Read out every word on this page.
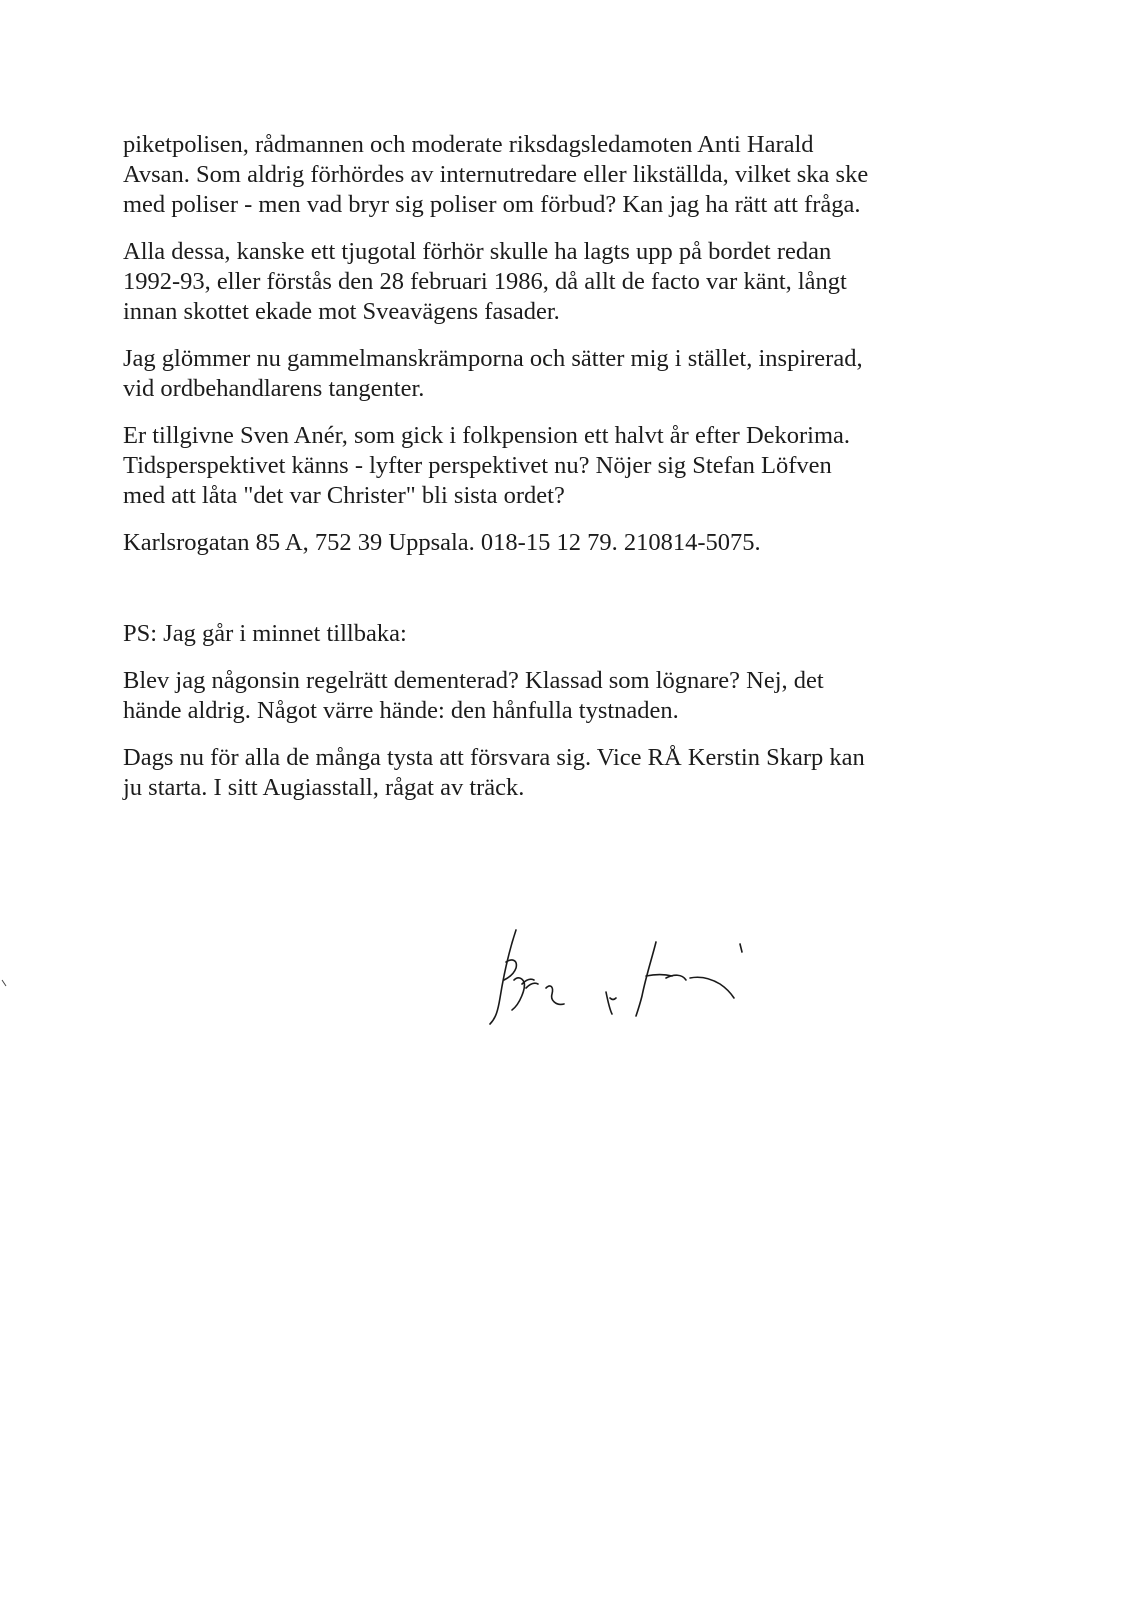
piketpolisen, rådmannen och moderate riksdagsledamoten Anti Harald
Avsan. Som aldrig förhördes av internutredare eller likställda, vilket ska ske
med poliser - men vad bryr sig poliser om förbud? Kan jag ha rätt att fråga.

Alla dessa, kanske ett tjugotal förhör skulle ha lagts upp på bordet redan
1992-93, eller förstås den 28 februari 1986, då allt de facto var känt, långt
innan skottet ekade mot Sveavägens fasader.

Jag glömmer nu gammelmanskrämporna och sätter mig i stället, inspirerad,
vid ordbehandlarens tangenter.

Er tillgivne Sven Anér, som gick i folkpension ett halvt år efter Dekorima.
Tidsperspektivet känns - lyfter perspektivet nu? Nöjer sig Stefan Löfven
med att låta "det var Christer" bli sista ordet?

Karlsrogatan 85 A, 752 39 Uppsala. 018-15 12 79. 210814-5075.

PS: Jag går i minnet tillbaka:

Blev jag någonsin regelrätt dementerad? Klassad som lögnare? Nej, det
hände aldrig. Något värre hände: den hånfulla tystnaden.

Dags nu för alla de många tysta att försvara sig. Vice RÅ Kerstin Skarp kan
ju starta. I sitt Augiasstall, rågat av träck.
